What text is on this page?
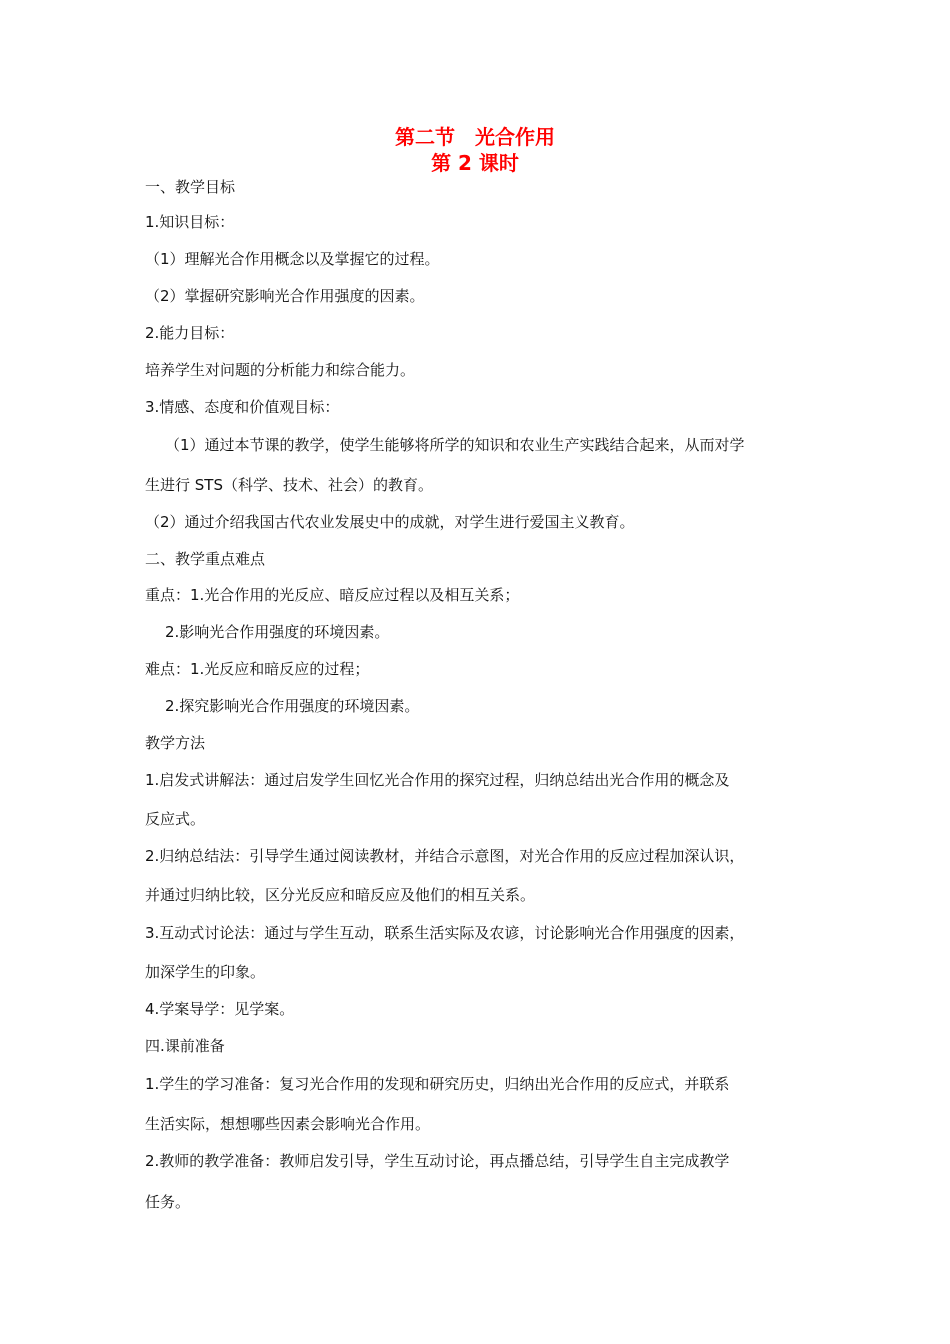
第二节　光合作用
第 2 课时
一、教学目标
1.知识目标：
（1）理解光合作用概念以及掌握它的过程。
（2）掌握研究影响光合作用强度的因素。
2.能力目标：
培养学生对问题的分析能力和综合能力。
3.情感、态度和价值观目标：
（1）通过本节课的教学，使学生能够将所学的知识和农业生产实践结合起来，从而对学
生进行 STS（科学、技术、社会）的教育。
（2）通过介绍我国古代农业发展史中的成就，对学生进行爱国主义教育。
二、教学重点难点
重点：1.光合作用的光反应、暗反应过程以及相互关系；
2.影响光合作用强度的环境因素。
难点：1.光反应和暗反应的过程；
2.探究影响光合作用强度的环境因素。
教学方法
1.启发式讲解法：通过启发学生回忆光合作用的探究过程，归纳总结出光合作用的概念及
反应式。
2.归纳总结法：引导学生通过阅读教材，并结合示意图，对光合作用的反应过程加深认识，
并通过归纳比较，区分光反应和暗反应及他们的相互关系。
3.互动式讨论法：通过与学生互动，联系生活实际及农谚，讨论影响光合作用强度的因素，
加深学生的印象。
4.学案导学：见学案。
四.课前准备
1.学生的学习准备：复习光合作用的发现和研究历史，归纳出光合作用的反应式，并联系
生活实际，想想哪些因素会影响光合作用。
2.教师的教学准备：教师启发引导，学生互动讨论，再点播总结，引导学生自主完成教学
任务。
